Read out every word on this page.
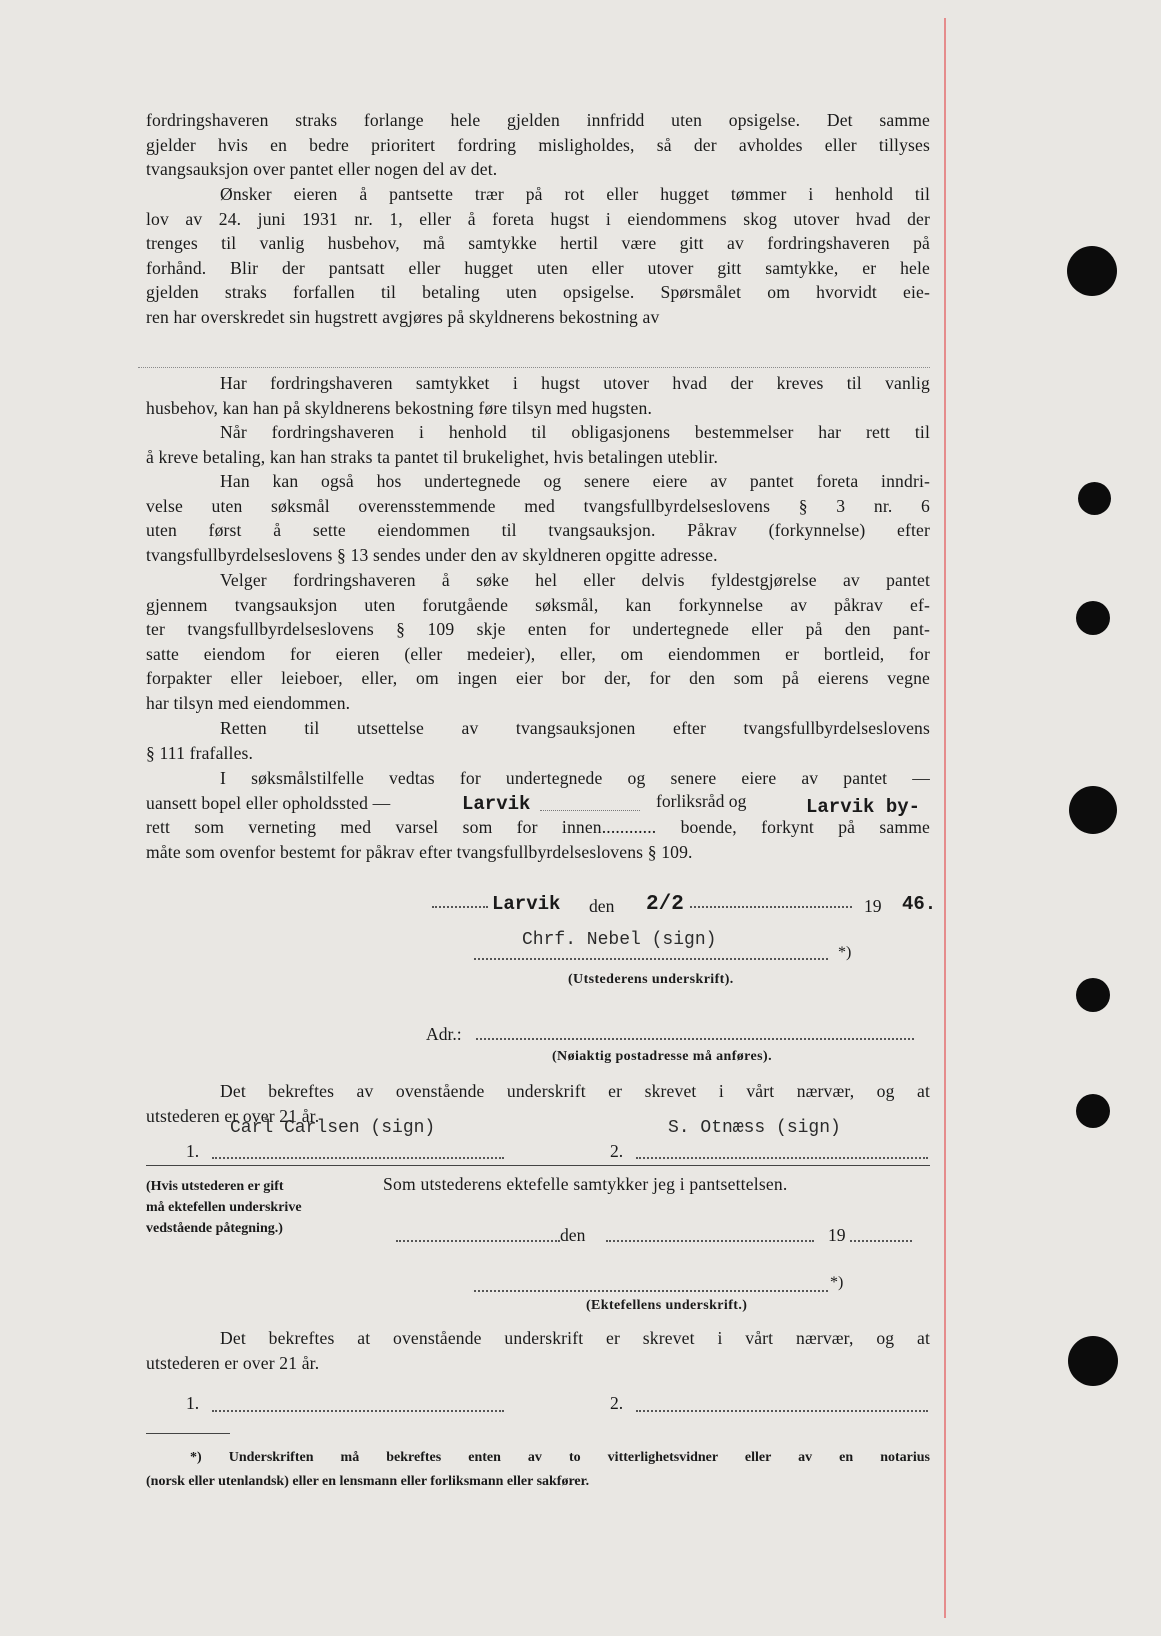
fordringshaveren straks forlange hele gjelden innfridd uten opsigelse. Det samme

gjelder hvis en bedre prioritert fordring misligholdes, så der avholdes eller tillyses

tvangsauksjon over pantet eller nogen del av det.

Ønsker eieren å pantsette trær på rot eller hugget tømmer i henhold til

lov av 24. juni 1931 nr. 1, eller å foreta hugst i eiendommens skog utover hvad der

trenges til vanlig husbehov, må samtykke hertil være gitt av fordringshaveren på

forhånd. Blir der pantsatt eller hugget uten eller utover gitt samtykke, er hele

gjelden straks forfallen til betaling uten opsigelse. Spørsmålet om hvorvidt eie-

ren har overskredet sin hugstrett avgjøres på skyldnerens bekostning av

Har fordringshaveren samtykket i hugst utover hvad der kreves til vanlig

husbehov, kan han på skyldnerens bekostning føre tilsyn med hugsten.

Når fordringshaveren i henhold til obligasjonens bestemmelser har rett til

å kreve betaling, kan han straks ta pantet til brukelighet, hvis betalingen uteblir.

Han kan også hos undertegnede og senere eiere av pantet foreta inndri-

velse uten søksmål overensstemmende med tvangsfullbyrdelseslovens § 3 nr. 6

uten først å sette eiendommen til tvangsauksjon. Påkrav (forkynnelse) efter

tvangsfullbyrdelseslovens § 13 sendes under den av skyldneren opgitte adresse.

Velger fordringshaveren å søke hel eller delvis fyldestgjørelse av pantet

gjennem tvangsauksjon uten forutgående søksmål, kan forkynnelse av påkrav ef-

ter tvangsfullbyrdelseslovens § 109 skje enten for undertegnede eller på den pant-

satte eiendom for eieren (eller medeier), eller, om eiendommen er bortleid, for

forpakter eller leieboer, eller, om ingen eier bor der, for den som på eierens vegne

har tilsyn med eiendommen.

Retten til utsettelse av tvangsauksjonen efter tvangsfullbyrdelseslovens

§ 111 frafalles.

I søksmålstilfelle vedtas for undertegnede og senere eiere av pantet —

uansett bopel eller opholdssted —

rett som verneting med varsel som for innen............ boende, forkynt på samme

måte som ovenfor bestemt for påkrav efter tvangsfullbyrdelseslovens § 109.

Larvik	forliksråd og	Larvik by-
Larvik den 2/2	19 46.
Chrf. Nebel (sign)
*)
(Utstederens underskrift).
Adr.:
(Nøiaktig postadresse må anføres).

Det bekreftes av ovenstående underskrift er skrevet i vårt nærvær, og at

utstederen er over 21 år.

Carl Carlsen (sign)	S. Otnæss (sign)
1.	2.
(Hvis utstederen er gift
må ektefellen underskrive
vedstående påtegning.)
Som utstederens ektefelle samtykker jeg i pantsettelsen.
den	19
*)
(Ektefellens underskrift.)

Det bekreftes at ovenstående underskrift er skrevet i vårt nærvær, og at

utstederen er over 21 år.

1.	2.
*) Underskriften må bekreftes enten av to vitterlighetsvidner eller av en notarius
(norsk eller utenlandsk) eller en lensmann eller forliksmann eller sakfører.
